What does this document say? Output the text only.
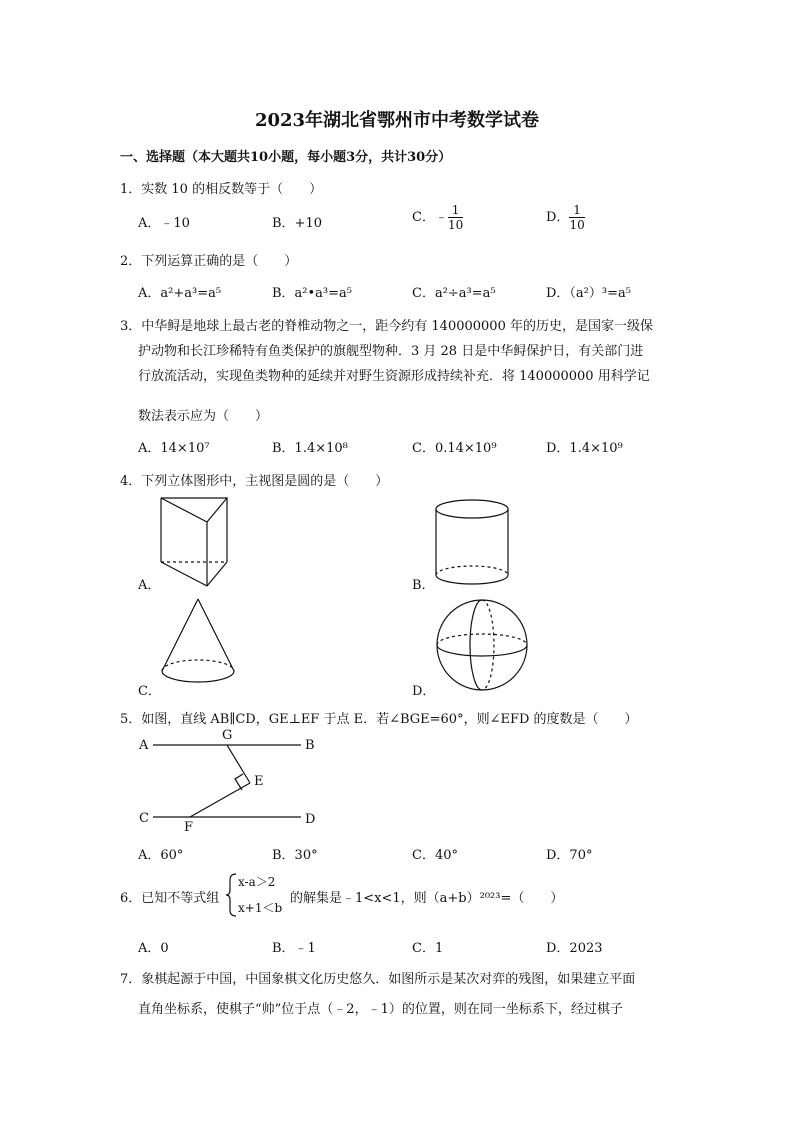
2023年湖北省鄂州市中考数学试卷
一、选择题（本大题共10小题，每小题3分，共计30分）
1．实数 10 的相反数等于（　　）
A．﹣10	B．+10	C．﹣ $\frac{1}{10}$	D． $\frac{1}{10}$
2．下列运算正确的是（　　）
A．a²+a³=a⁵	B．a²•a³=a⁵	C．a²÷a³=a⁵	D．（a²）³=a⁵
3．中华鲟是地球上最古老的脊椎动物之一，距今约有 140000000 年的历史，是国家一级保
护动物和长江珍稀特有鱼类保护的旗舰型物种．3 月 28 日是中华鲟保护日，有关部门进
行放流活动，实现鱼类物种的延续并对野生资源形成持续补充．将 140000000 用科学记
数法表示应为（　　）
A．14×10⁷	B．1.4×10⁸	C．0.14×10⁹	D．1.4×10⁹
4．下列立体图形中，主视图是圆的是（　　）
A．	B．
C．	D．
5．如图，直线 AB∥CD，GE⊥EF 于点 E．若∠BGE=60°，则∠EFD 的度数是（　　）
A
G
B
E
C
F
D
A．60°	B．30°	C．40°	D．70°
6．已知不等式组
x-a＞2
x+1＜b
的解集是﹣1<x<1，则（a+b）²⁰²³=（　　）
A．0	B．﹣1	C．1	D．2023
7．象棋起源于中国，中国象棋文化历史悠久．如图所示是某次对弈的残图，如果建立平面
直角坐标系，使棋子“帅”位于点（﹣2，﹣1）的位置，则在同一坐标系下，经过棋子
